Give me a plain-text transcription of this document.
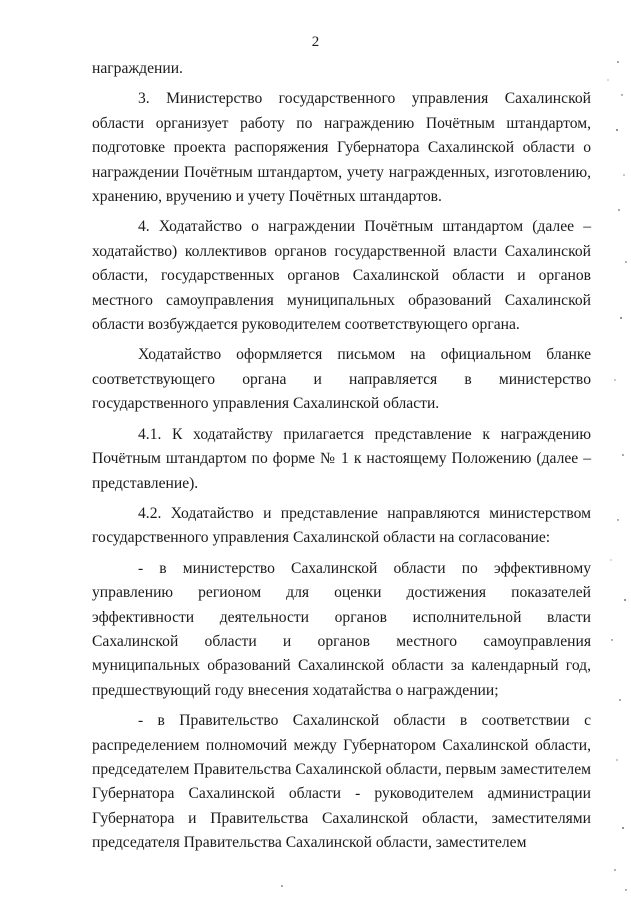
2

награждении.

3. Министерство государственного управления Сахалинской области организует работу по награждению Почётным штандартом, подготовке проекта распоряжения Губернатора Сахалинской области о награждении Почётным штандартом, учету награжденных, изготовлению, хранению, вручению и учету Почётных штандартов.

4. Ходатайство о награждении Почётным штандартом (далее – ходатайство) коллективов органов государственной власти Сахалинской области, государственных органов Сахалинской области и органов местного самоуправления муниципальных образований Сахалинской области возбуждается руководителем соответствующего органа.

Ходатайство оформляется письмом на официальном бланке соответствующего органа и направляется в министерство государственного управления Сахалинской области.

4.1. К ходатайству прилагается представление к награждению Почётным штандартом по форме № 1 к настоящему Положению (далее – представление).

4.2. Ходатайство и представление направляются министерством государственного управления Сахалинской области на согласование:

- в министерство Сахалинской области по эффективному управлению регионом для оценки достижения показателей эффективности деятельности органов исполнительной власти Сахалинской области и органов местного самоуправления муниципальных образований Сахалинской области за календарный год, предшествующий году внесения ходатайства о награждении;

- в Правительство Сахалинской области в соответствии с распределением полномочий между Губернатором Сахалинской области, председателем Правительства Сахалинской области, первым заместителем Губернатора Сахалинской области - руководителем администрации Губернатора и Правительства Сахалинской области, заместителями председателя Правительства Сахалинской области, заместителем
